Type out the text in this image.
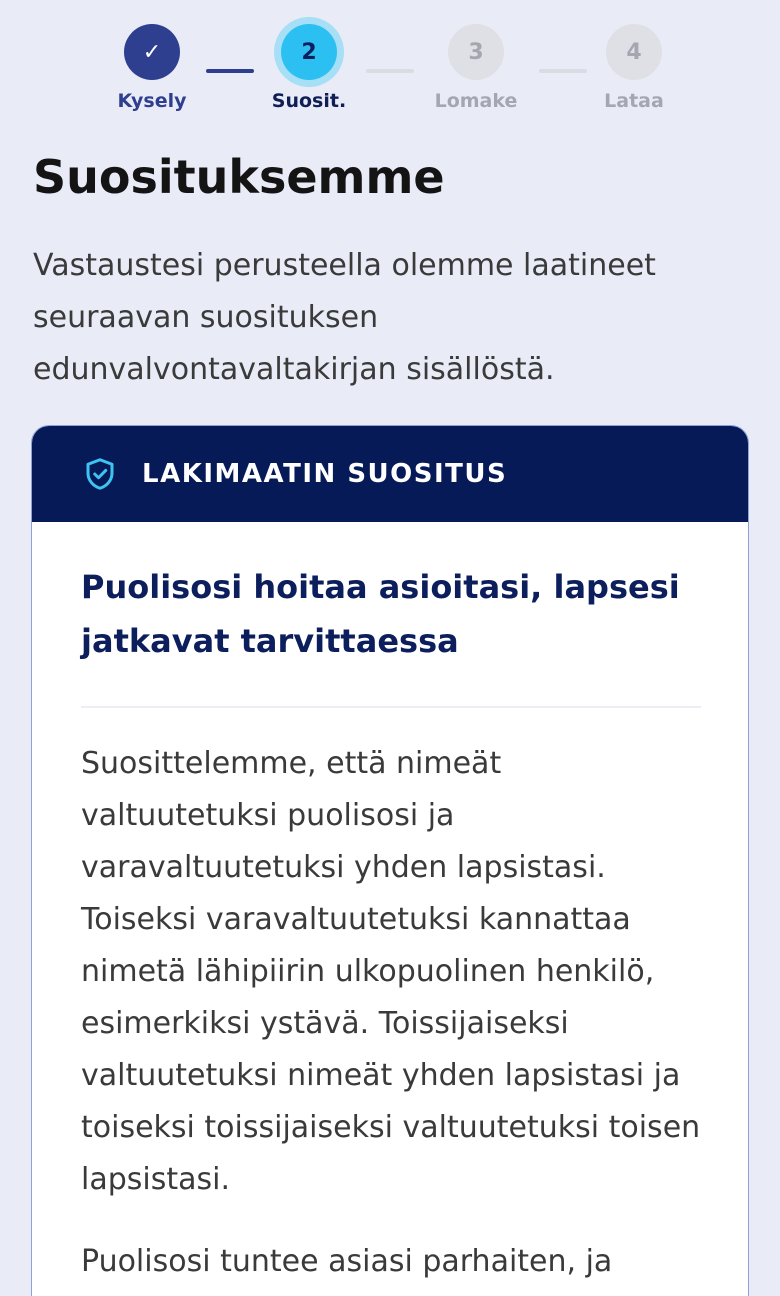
✓	2	3	4
Kysely	Suosit.	Lomake	Lataa
Suosituksemme

Vastaustesi perusteella olemme laatineet seuraavan suosituksen edunvalvontavaltakirjan sisällöstä.

LAKIMAATIN SUOSITUS
Puolisosi hoitaa asioitasi, lapsesi jatkavat tarvittaessa

Suosittelemme, että nimeät valtuutetuksi puolisosi ja varavaltuutetuksi yhden lapsistasi. Toiseksi varavaltuutetuksi kannattaa nimetä lähipiirin ulkopuolinen henkilö, esimerkiksi ystävä. Toissijaiseksi valtuutetuksi nimeät yhden lapsistasi ja toiseksi toissijaiseksi valtuutetuksi toisen lapsistasi.

Puolisosi tuntee asiasi parhaiten, ja
